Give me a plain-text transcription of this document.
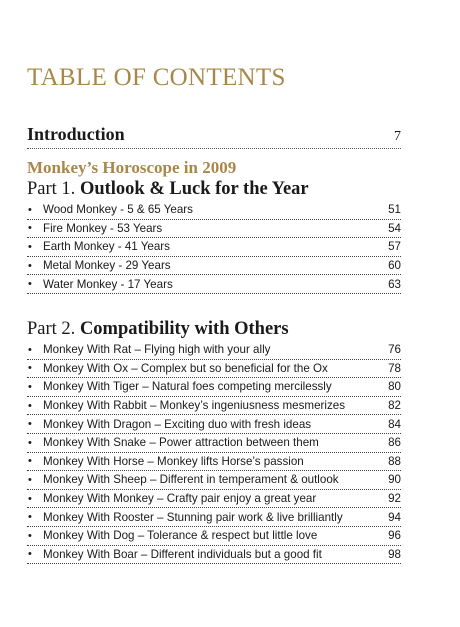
TABLE OF CONTENTS
Introduction	7
Monkey’s Horoscope in 2009
Part 1. Outlook & Luck for the Year
• Wood Monkey - 5 & 65 Years	51
• Fire Monkey - 53 Years	54
• Earth Monkey - 41 Years	57
• Metal Monkey - 29 Years	60
• Water Monkey - 17 Years	63
Part 2. Compatibility with Others
• Monkey With Rat – Flying high with your ally	76
• Monkey With Ox – Complex but so beneficial for the Ox	78
• Monkey With Tiger – Natural foes competing mercilessly	80
• Monkey With Rabbit – Monkey’s ingeniusness mesmerizes	82
• Monkey With Dragon – Exciting duo with fresh ideas	84
• Monkey With Snake – Power attraction between them	86
• Monkey With Horse – Monkey lifts Horse’s passion	88
• Monkey With Sheep – Different in temperament & outlook	90
• Monkey With Monkey – Crafty pair enjoy a great year	92
• Monkey With Rooster – Stunning pair work & live brilliantly	94
• Monkey With Dog – Tolerance & respect but little love	96
• Monkey With Boar – Different individuals but a good fit	98
